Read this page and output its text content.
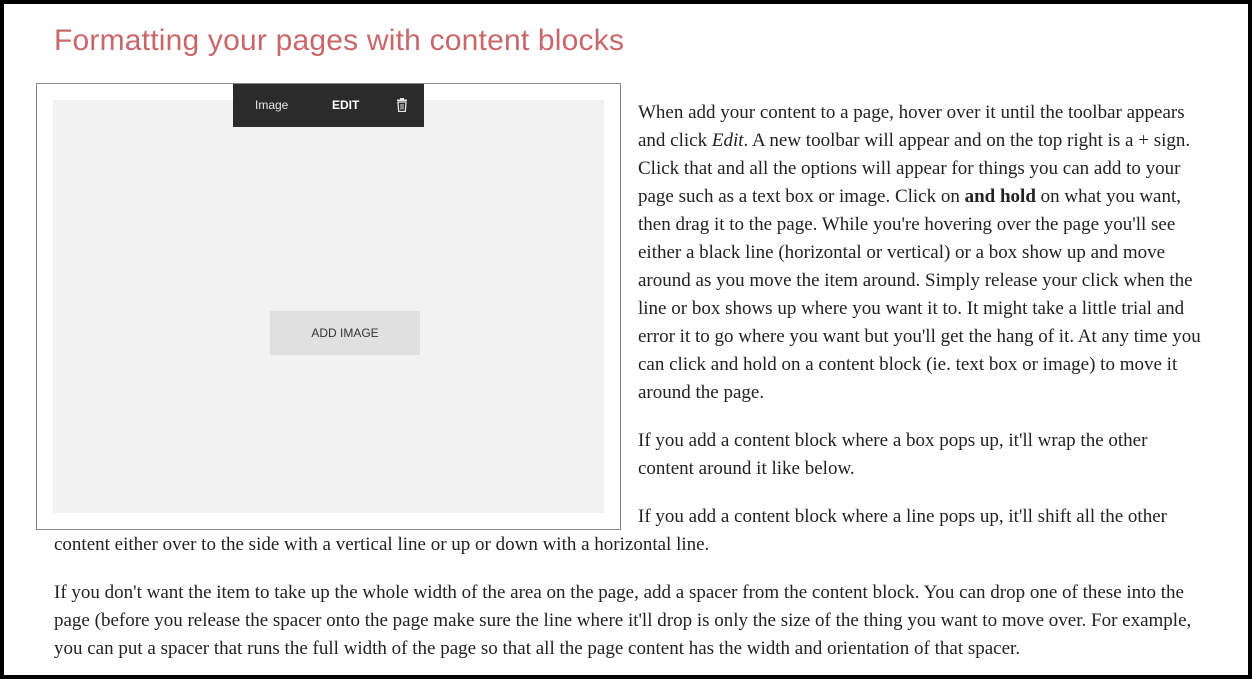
Formatting your pages with content blocks
ADD IMAGE
Image	EDIT	When add your content to a page, hover over it until the toolbar appears and click Edit. A new toolbar will appear and on the top right is a + sign. Click that and all the options will appear for things you can add to your page such as a text box or image. Click on and hold on what you want, then drag it to the page. While you're hovering over the page you'll see either a black line (horizontal or vertical) or a box show up and move around as you move the item around. Simply release your click when the line or box shows up where you want it to. It might take a little trial and error it to go where you want but you'll get the hang of it. At any time you can click and hold on a content block (ie. text box or image) to move it around the page.

If you add a content block where a box pops up, it'll wrap the other content around it like below.

If you add a content block where a line pops up, it'll shift all the other

content either over to the side with a vertical line or up or down with a horizontal line.

If you don't want the item to take up the whole width of the area on the page, add a spacer from the content block. You can drop one of these into the page (before you release the spacer onto the page make sure the line where it'll drop is only the size of the thing you want to move over. For example, you can put a spacer that runs the full width of the page so that all the page content has the width and orientation of that spacer.
